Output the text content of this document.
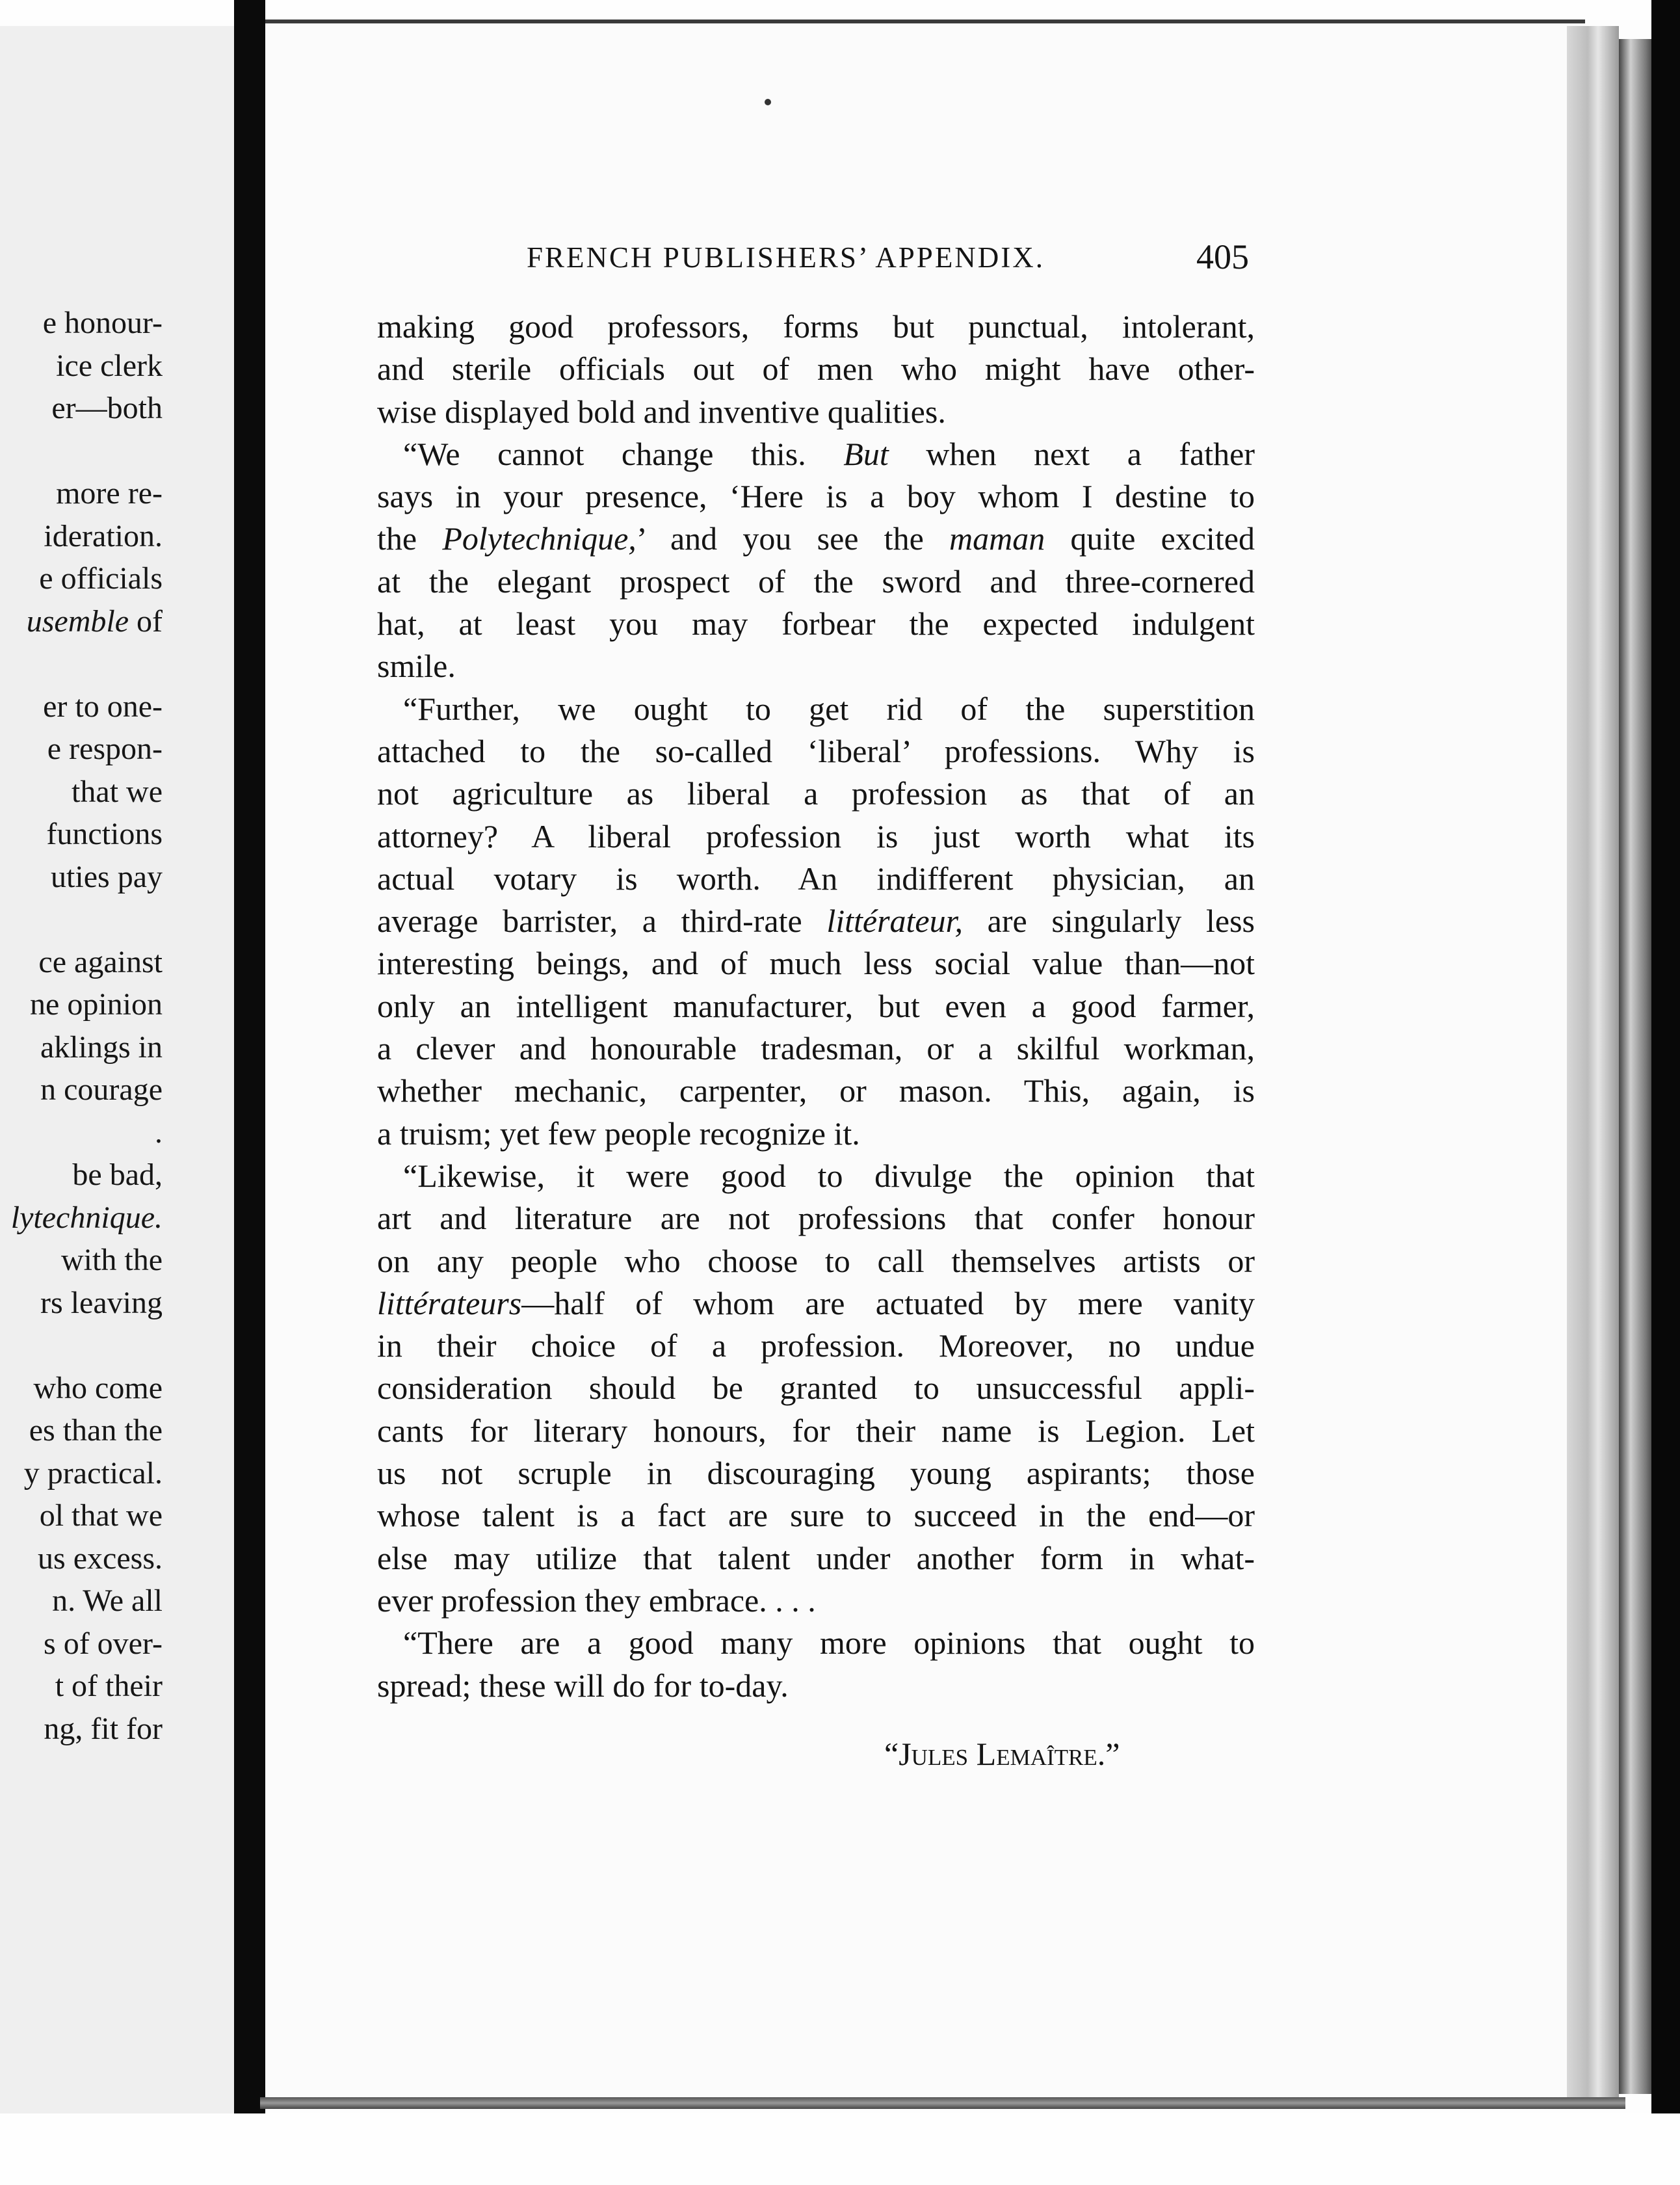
e honour-
ice clerk
er—both
more re-
ideration.
e officials
usemble of
er to one-
e respon-
that we
functions
uties pay
ce against
ne opinion
aklings in
n courage
.
be bad,
lytechnique.
with the
rs leaving
who come
es than the
y practical.
ol that we
us excess.
n. We all
s of over-
t of their
ng, fit for
FRENCH PUBLISHERS’ APPENDIX.	405
making good professors, forms but punctual, intolerant,
and sterile officials out of men who might have other-
wise displayed bold and inventive qualities.
“We cannot change this. But when next a father
says in your presence, ‘Here is a boy whom I destine to
the Polytechnique,’ and you see the maman quite excited
at the elegant prospect of the sword and three-cornered
hat, at least you may forbear the expected indulgent
smile.
“Further, we ought to get rid of the superstition
attached to the so-called ‘liberal’ professions. Why is
not agriculture as liberal a profession as that of an
attorney? A liberal profession is just worth what its
actual votary is worth. An indifferent physician, an
average barrister, a third-rate littérateur, are singularly less
interesting beings, and of much less social value than—not
only an intelligent manufacturer, but even a good farmer,
a clever and honourable tradesman, or a skilful workman,
whether mechanic, carpenter, or mason. This, again, is
a truism; yet few people recognize it.
“Likewise, it were good to divulge the opinion that
art and literature are not professions that confer honour
on any people who choose to call themselves artists or
littérateurs—half of whom are actuated by mere vanity
in their choice of a profession. Moreover, no undue
consideration should be granted to unsuccessful appli-
cants for literary honours, for their name is Legion. Let
us not scruple in discouraging young aspirants; those
whose talent is a fact are sure to succeed in the end—or
else may utilize that talent under another form in what-
ever profession they embrace. . . .
“There are a good many more opinions that ought to
spread; these will do for to-day.
“Jules Lemaître.”
